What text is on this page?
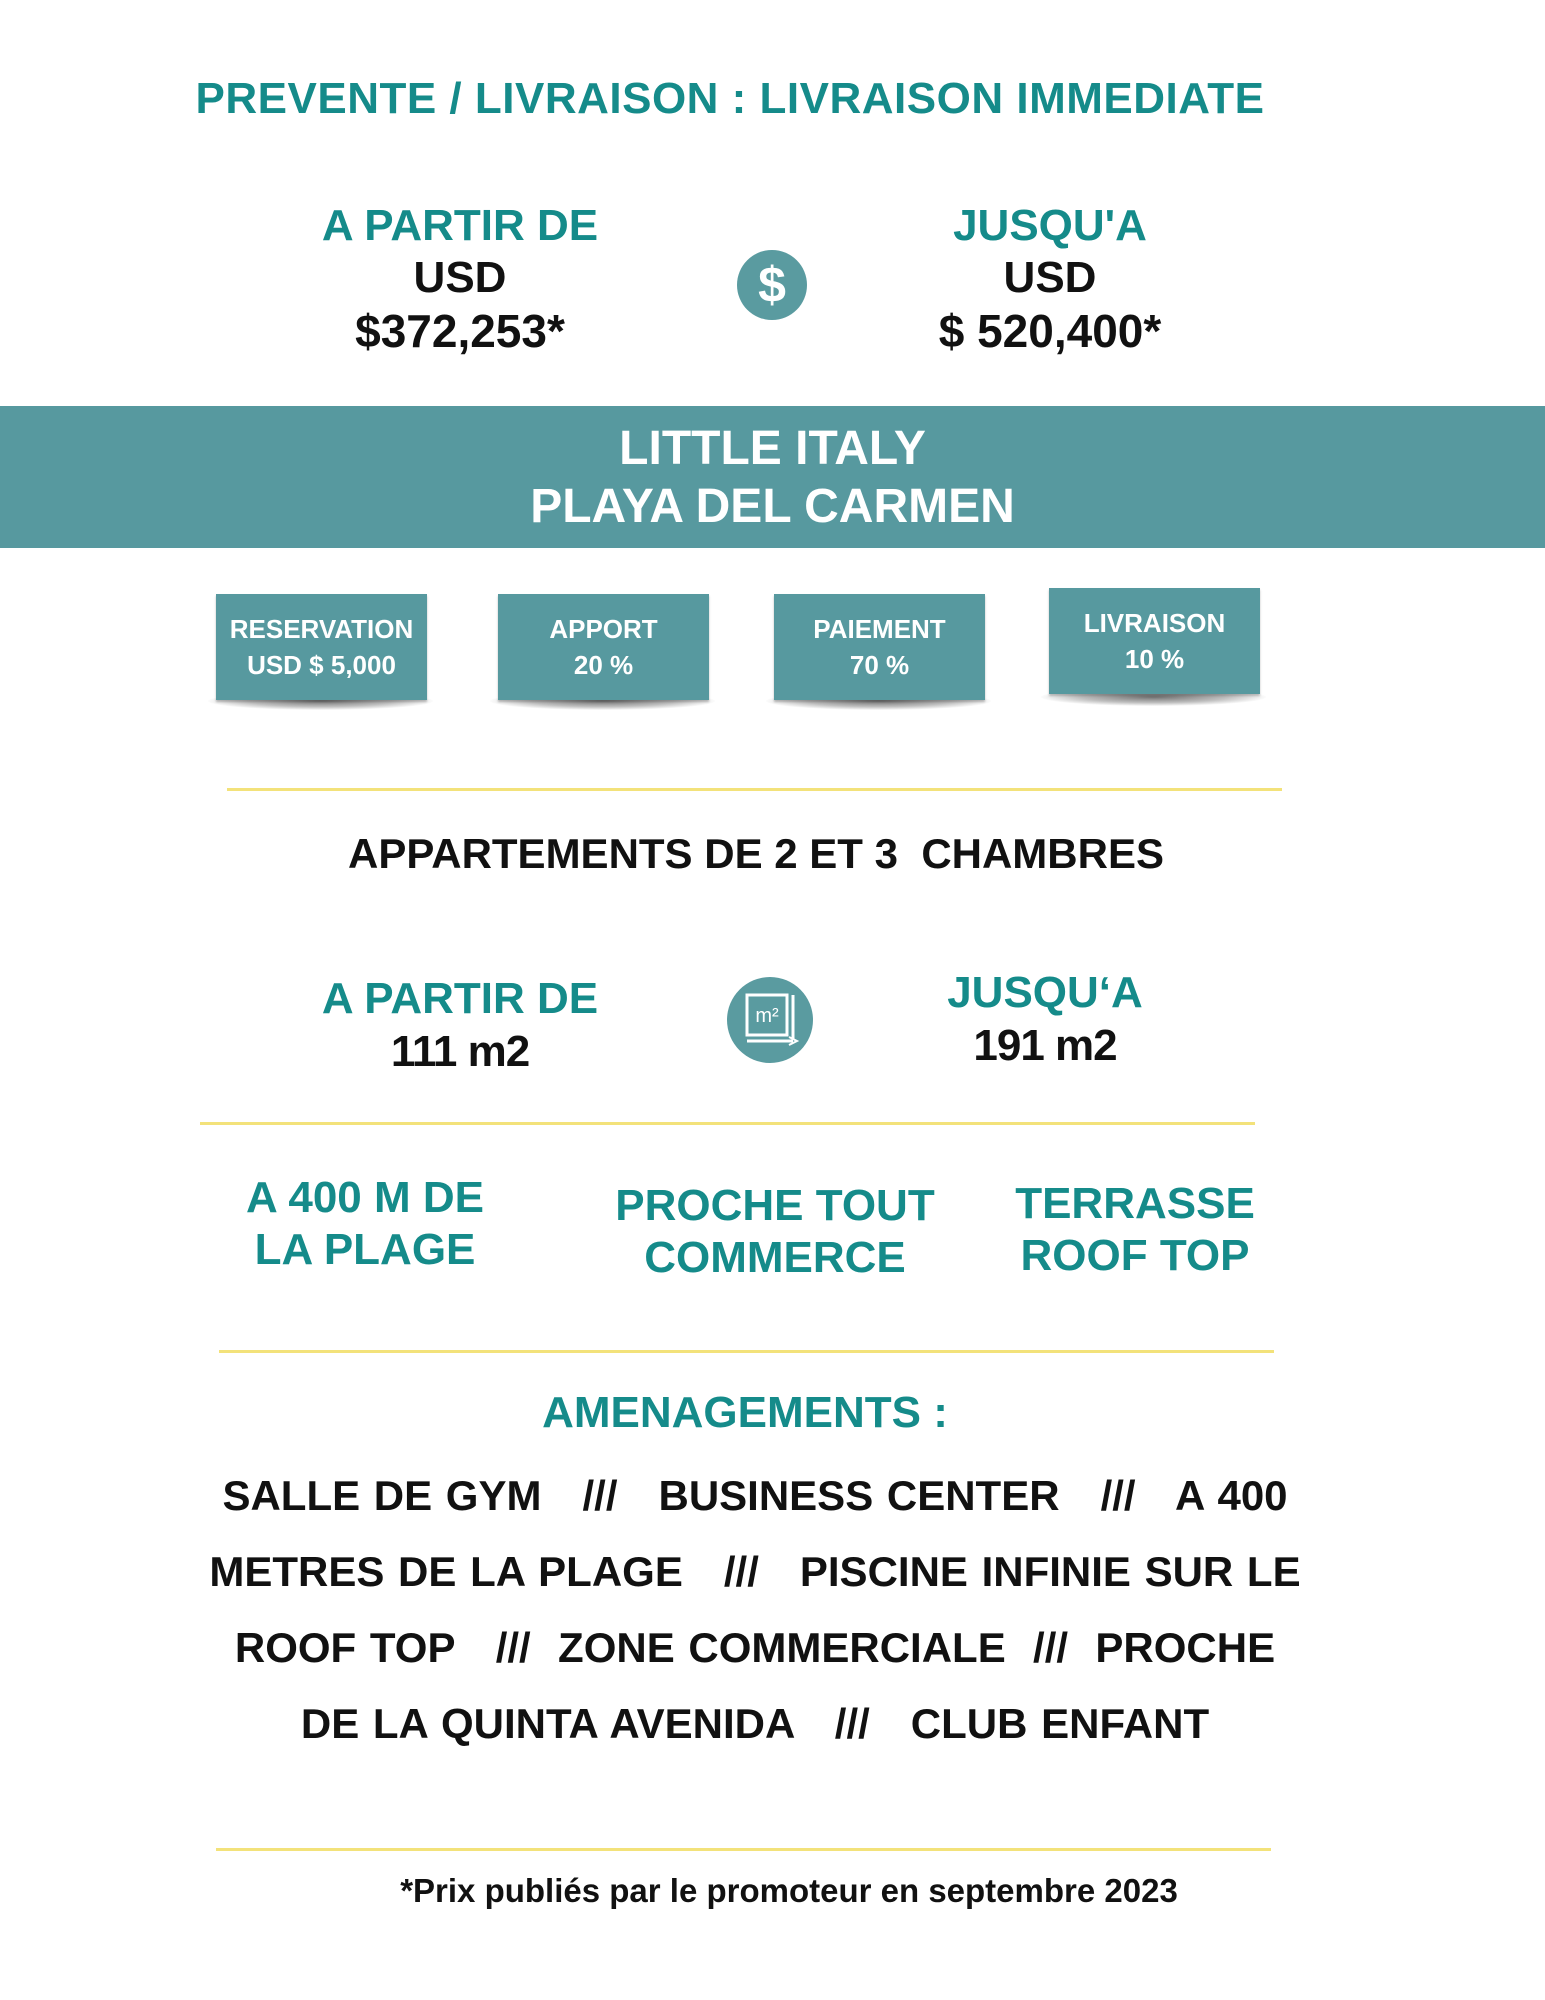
PREVENTE / LIVRAISON : LIVRAISON IMMEDIATE
A PARTIR DE
USD
$372,253*
$
JUSQU'A
USD
$ 520,400*
LITTLE ITALY
PLAYA DEL CARMEN
RESERVATION
USD $ 5,000
APPORT
20 %
PAIEMENT
70 %
LIVRAISON
10 %
APPARTEMENTS DE 2 ET 3  CHAMBRES
A PARTIR DE
111 m2
m²	JUSQU‘A
191 m2
A 400 M DE
LA PLAGE
PROCHE TOUT
COMMERCE
TERRASSE
ROOF TOP
AMENAGEMENTS :
SALLE DE GYM   ///   BUSINESS CENTER   ///   A 400
METRES DE LA PLAGE   ///   PISCINE INFINIE SUR LE
ROOF TOP   ///  ZONE COMMERCIALE  ///  PROCHE
DE LA QUINTA AVENIDA   ///   CLUB ENFANT
*Prix publiés par le promoteur en septembre 2023
